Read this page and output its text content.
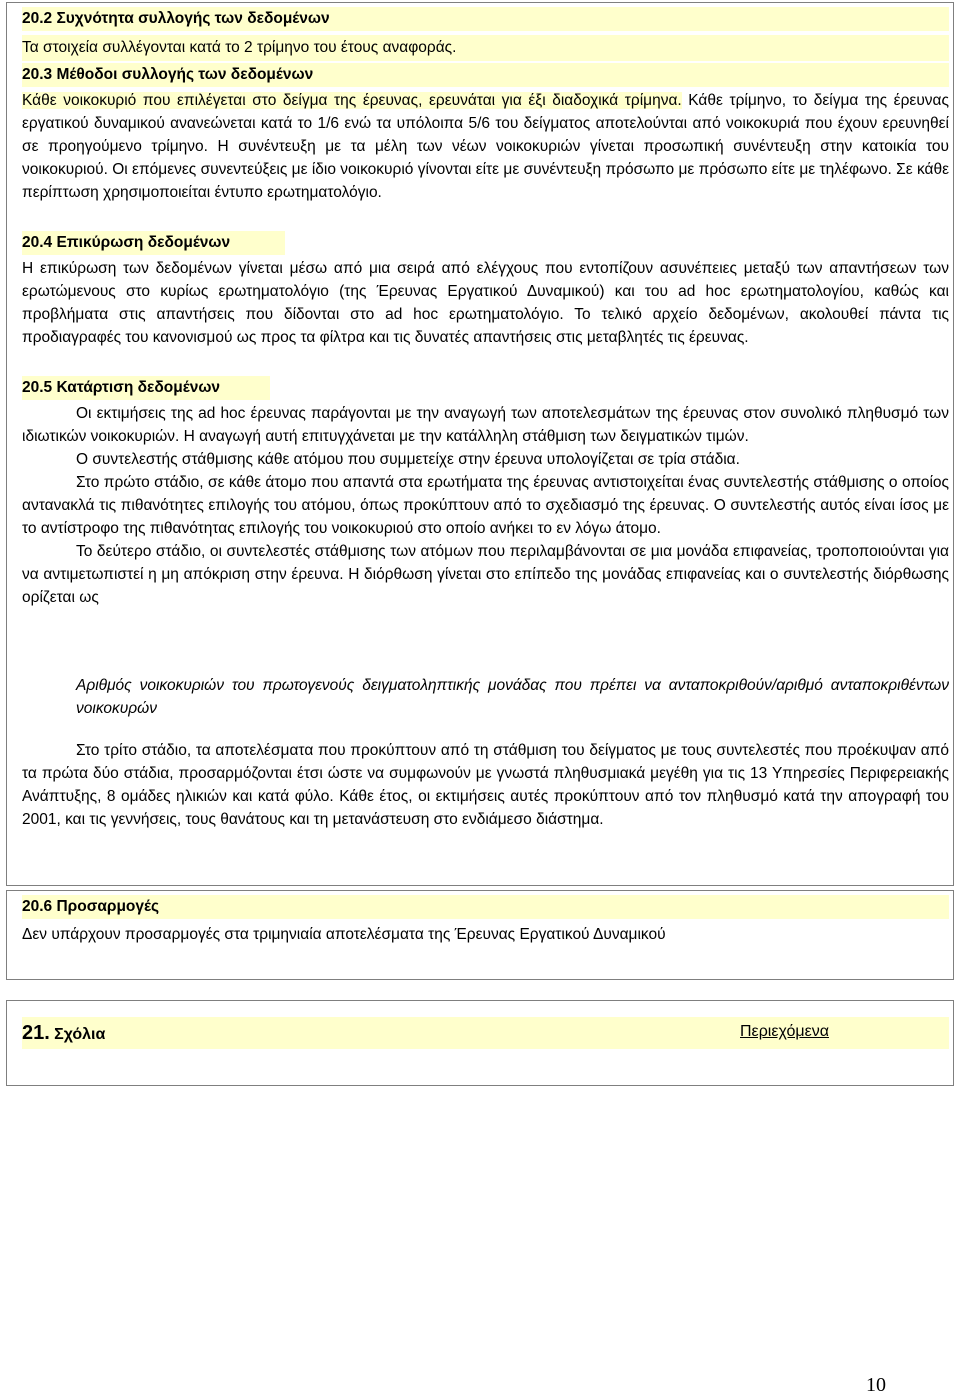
20.2 Συχνότητα συλλογής των δεδομένων
Τα στοιχεία συλλέγονται κατά το 2 τρίμηνο του έτους αναφοράς.
20.3 Μέθοδοι συλλογής των δεδομένων
Κάθε νοικοκυριό που επιλέγεται στο δείγμα της έρευνας, ερευνάται για έξι διαδοχικά τρίμηνα. Κάθε τρίμηνο, το δείγμα της έρευνας εργατικού δυναμικού ανανεώνεται κατά το 1/6 ενώ τα υπόλοιπα 5/6 του δείγματος αποτελούνται από νοικοκυριά που έχουν ερευνηθεί σε προηγούμενο τρίμηνο. Η συνέντευξη με τα μέλη των νέων νοικοκυριών γίνεται προσωπική συνέντευξη στην κατοικία του νοικοκυριού. Οι επόμενες συνεντεύξεις με ίδιο νοικοκυριό γίνονται είτε με συνέντευξη πρόσωπο με πρόσωπο είτε με τηλέφωνο. Σε κάθε περίπτωση χρησιμοποιείται έντυπο ερωτηματολόγιο.
20.4 Επικύρωση δεδομένων
Η επικύρωση των δεδομένων γίνεται μέσω από μια σειρά από ελέγχους που εντοπίζουν ασυνέπειες μεταξύ των απαντήσεων των ερωτώμενους στο κυρίως ερωτηματολόγιο (της Έρευνας Εργατικού Δυναμικού) και του ad hoc ερωτηματολογίου, καθώς και προβλήματα στις απαντήσεις που δίδονται στο ad hoc ερωτηματολόγιο. Το τελικό αρχείο δεδομένων, ακολουθεί πάντα τις προδιαγραφές του κανονισμού ως προς τα φίλτρα και τις δυνατές απαντήσεις στις μεταβλητές τις έρευνας.
20.5 Κατάρτιση δεδομένων

Οι εκτιμήσεις της ad hoc έρευνας παράγονται με την αναγωγή των αποτελεσμάτων της έρευνας στον συνολικό πληθυσμό των ιδιωτικών νοικοκυριών. Η αναγωγή αυτή επιτυγχάνεται με την κατάλληλη στάθμιση των δειγματικών τιμών.

Ο συντελεστής στάθμισης κάθε ατόμου που συμμετείχε στην έρευνα υπολογίζεται σε τρία στάδια.

Στο πρώτο στάδιο, σε κάθε άτομο που απαντά στα ερωτήματα της έρευνας αντιστοιχείται ένας συντελεστής στάθμισης ο οποίος αντανακλά τις πιθανότητες επιλογής του ατόμου, όπως προκύπτουν από το σχεδιασμό της έρευνας. Ο συντελεστής αυτός είναι ίσος με το αντίστροφο της πιθανότητας επιλογής του νοικοκυριού στο οποίο ανήκει το εν λόγω άτομο.

Το δεύτερο στάδιο, οι συντελεστές στάθμισης των ατόμων που περιλαμβάνονται σε μια μονάδα επιφανείας, τροποποιούνται για να αντιμετωπιστεί η μη απόκριση στην έρευνα. Η διόρθωση γίνεται στο επίπεδο της μονάδας επιφανείας και ο συντελεστής διόρθωσης ορίζεται ως

Αριθμός νοικοκυριών του πρωτογενούς δειγματοληπτικής μονάδας που πρέπει να ανταποκριθούν/αριθμό ανταποκριθέντων νοικοκυρών

Στο τρίτο στάδιο, τα αποτελέσματα που προκύπτουν από τη στάθμιση του δείγματος με τους συντελεστές που προέκυψαν από τα πρώτα δύο στάδια, προσαρμόζονται έτσι ώστε να συμφωνούν με γνωστά πληθυσμιακά μεγέθη για τις 13 Υπηρεσίες Περιφερειακής Ανάπτυξης, 8 ομάδες ηλικιών και κατά φύλο. Κάθε έτος, οι εκτιμήσεις αυτές προκύπτουν από τον πληθυσμό κατά την απογραφή του 2001, και τις γεννήσεις, τους θανάτους και τη μετανάστευση στο ενδιάμεσο διάστημα.

20.6 Προσαρμογές
Δεν υπάρχουν προσαρμογές στα τριμηνιαία αποτελέσματα της Έρευνας Εργατικού Δυναμικού
21. Σχόλια	Περιεχόμενα
10
